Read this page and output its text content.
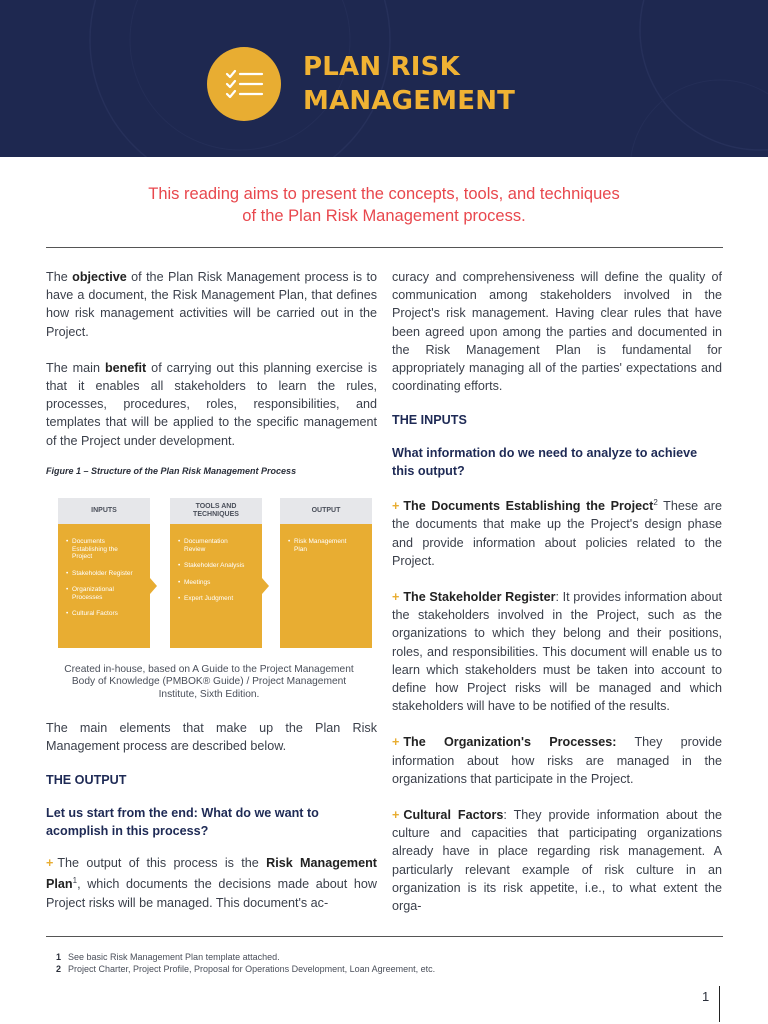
PLAN RISK
MANAGEMENT
This reading aims to present the concepts, tools, and techniques
of the Plan Risk Management process.

The objective of the Plan Risk Management process is to have a document, the Risk Management Plan, that defines how risk management activities will be carried out in the Project.

The main benefit of carrying out this planning exercise is that it enables all stakeholders to learn the rules, processes, procedures, roles, responsibilities, and templates that will be applied to the specific management of the Project under development.

Figure 1 – Structure of the Plan Risk Management Process
INPUTS
• Documents Establishing the Project
• Stakeholder Register
• Organizational Processes
• Cultural Factors
TOOLS AND
TECHNIQUES
• Documentation Review
• Stakeholder Analysis
• Meetings
• Expert Judgment
OUTPUT
• Risk Management Plan
Created in-house, based on A Guide to the Project Management Body of Knowledge (PMBOK® Guide) / Project Management Institute, Sixth Edition.

The main elements that make up the Plan Risk Management process are described below.

THE OUTPUT

Let us start from the end: What do we want to acomplish in this process?

+ The output of this process is the Risk Management Plan$^1$, which documents the decisions made about how Project risks will be managed. This document's ac-

curacy and comprehensiveness will define the quality of communication among stakeholders involved in the Project's risk management. Having clear rules that have been agreed upon among the parties and documented in the Risk Management Plan is fundamental for appropriately managing all of the parties' expectations and coordinating efforts.

THE INPUTS

What information do we need to analyze to achieve this output?

+ The Documents Establishing the Project$^2$ These are the documents that make up the Project's design phase and provide information about policies related to the Project.

+ The Stakeholder Register: It provides information about the stakeholders involved in the Project, such as the organizations to which they belong and their positions, roles, and responsibilities. This document will enable us to learn which stakeholders must be taken into account to define how Project risks will be managed and which stakeholders will have to be notified of the results.

+ The Organization's Processes: They provide information about how risks are managed in the organizations that participate in the Project.

+ Cultural Factors: They provide information about the culture and capacities that participating organizations already have in place regarding risk management. A particularly relevant example of risk culture in an organization is its risk appetite, i.e., to what extent the orga-

1 See basic Risk Management Plan template attached.
2 Project Charter, Project Profile, Proposal for Operations Development, Loan Agreement, etc.
1
